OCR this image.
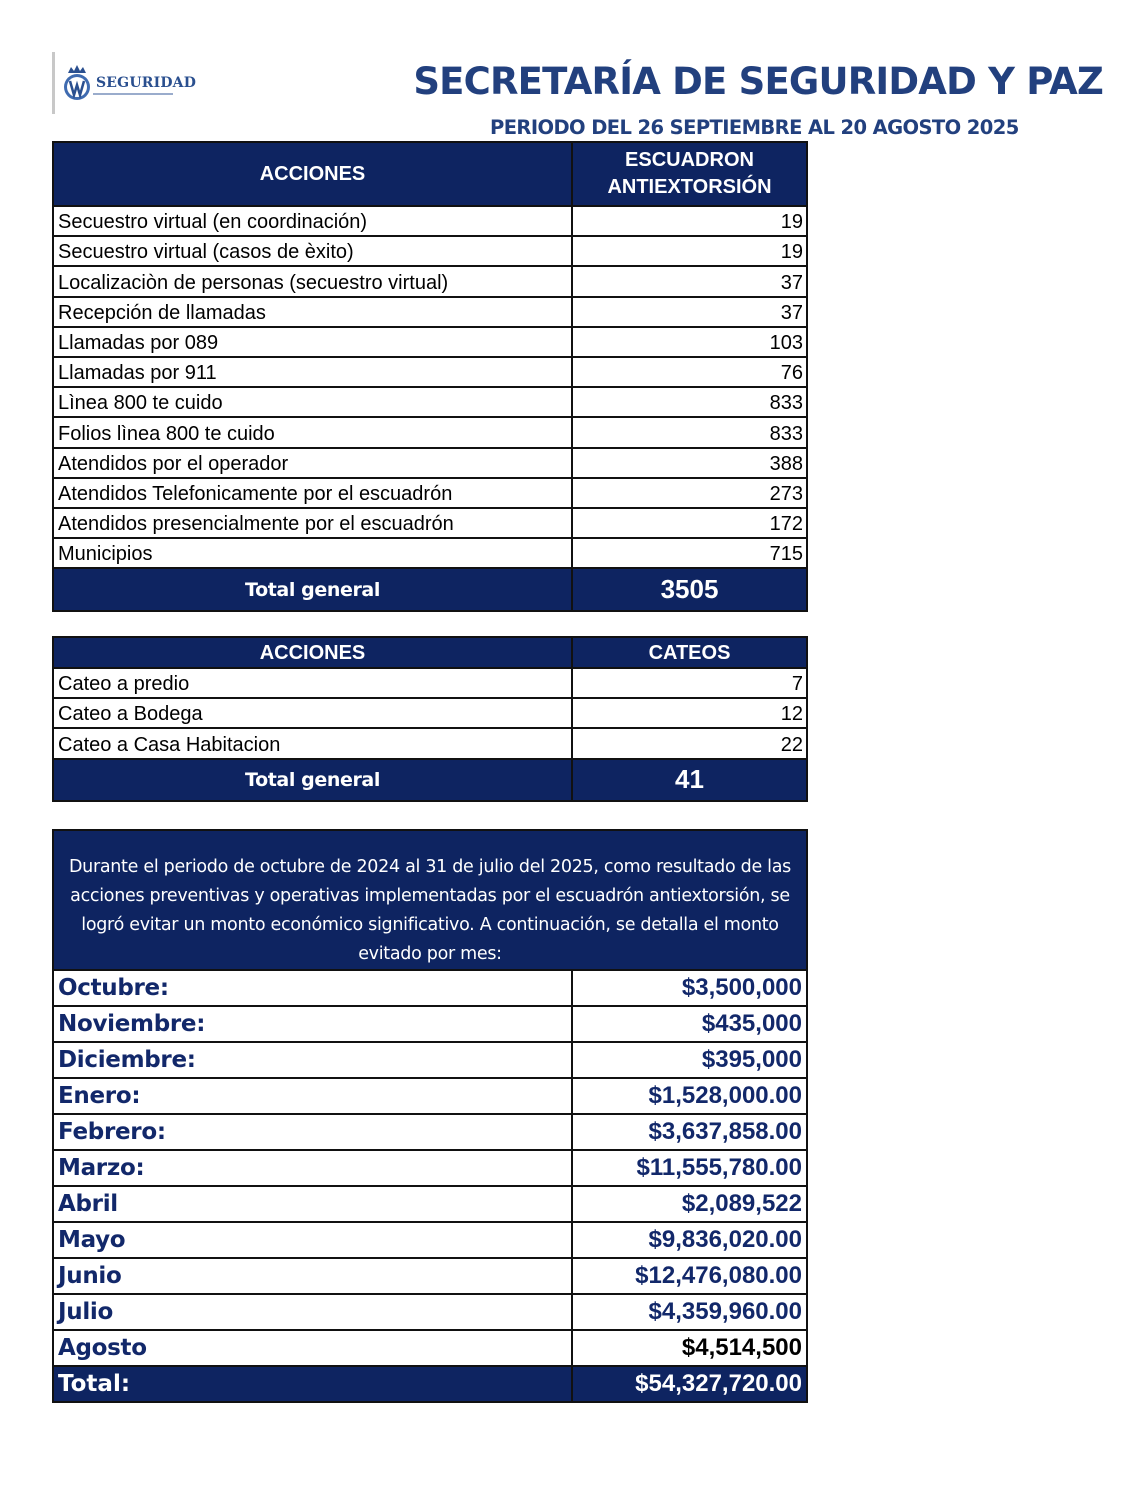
SEGURIDAD	SECRETARÍA DE SEGURIDAD Y PAZ
PERIODO DEL 26 SEPTIEMBRE AL 20 AGOSTO 2025
ACCIONES	ESCUADRON
ANTIEXTORSIÓN
Secuestro virtual (en coordinación)	19
Secuestro virtual (casos de èxito)	19
Localizaciòn de personas (secuestro virtual)	37
Recepción de llamadas	37
Llamadas por 089	103
Llamadas por 911	76
Lìnea 800 te cuido	833
Folios lìnea 800 te cuido	833
Atendidos por el operador	388
Atendidos Telefonicamente por el escuadrón	273
Atendidos presencialmente por el escuadrón	172
Municipios	715
Total general	3505
ACCIONES	CATEOS
Cateo a predio	7
Cateo a Bodega	12
Cateo a Casa Habitacion	22
Total general	41
Durante el periodo de octubre de 2024 al 31 de julio del 2025, como resultado de las acciones preventivas y operativas implementadas por el escuadrón antiextorsión, se logró evitar un monto económico significativo. A continuación, se detalla el monto evitado por mes:	
Octubre:	$3,500,000
Noviembre:	$435,000
Diciembre:	$395,000
Enero:	$1,528,000.00
Febrero:	$3,637,858.00
Marzo:	$11,555,780.00
Abril	$2,089,522
Mayo	$9,836,020.00
Junio	$12,476,080.00
Julio	$4,359,960.00
Agosto	$4,514,500
Total:	$54,327,720.00
